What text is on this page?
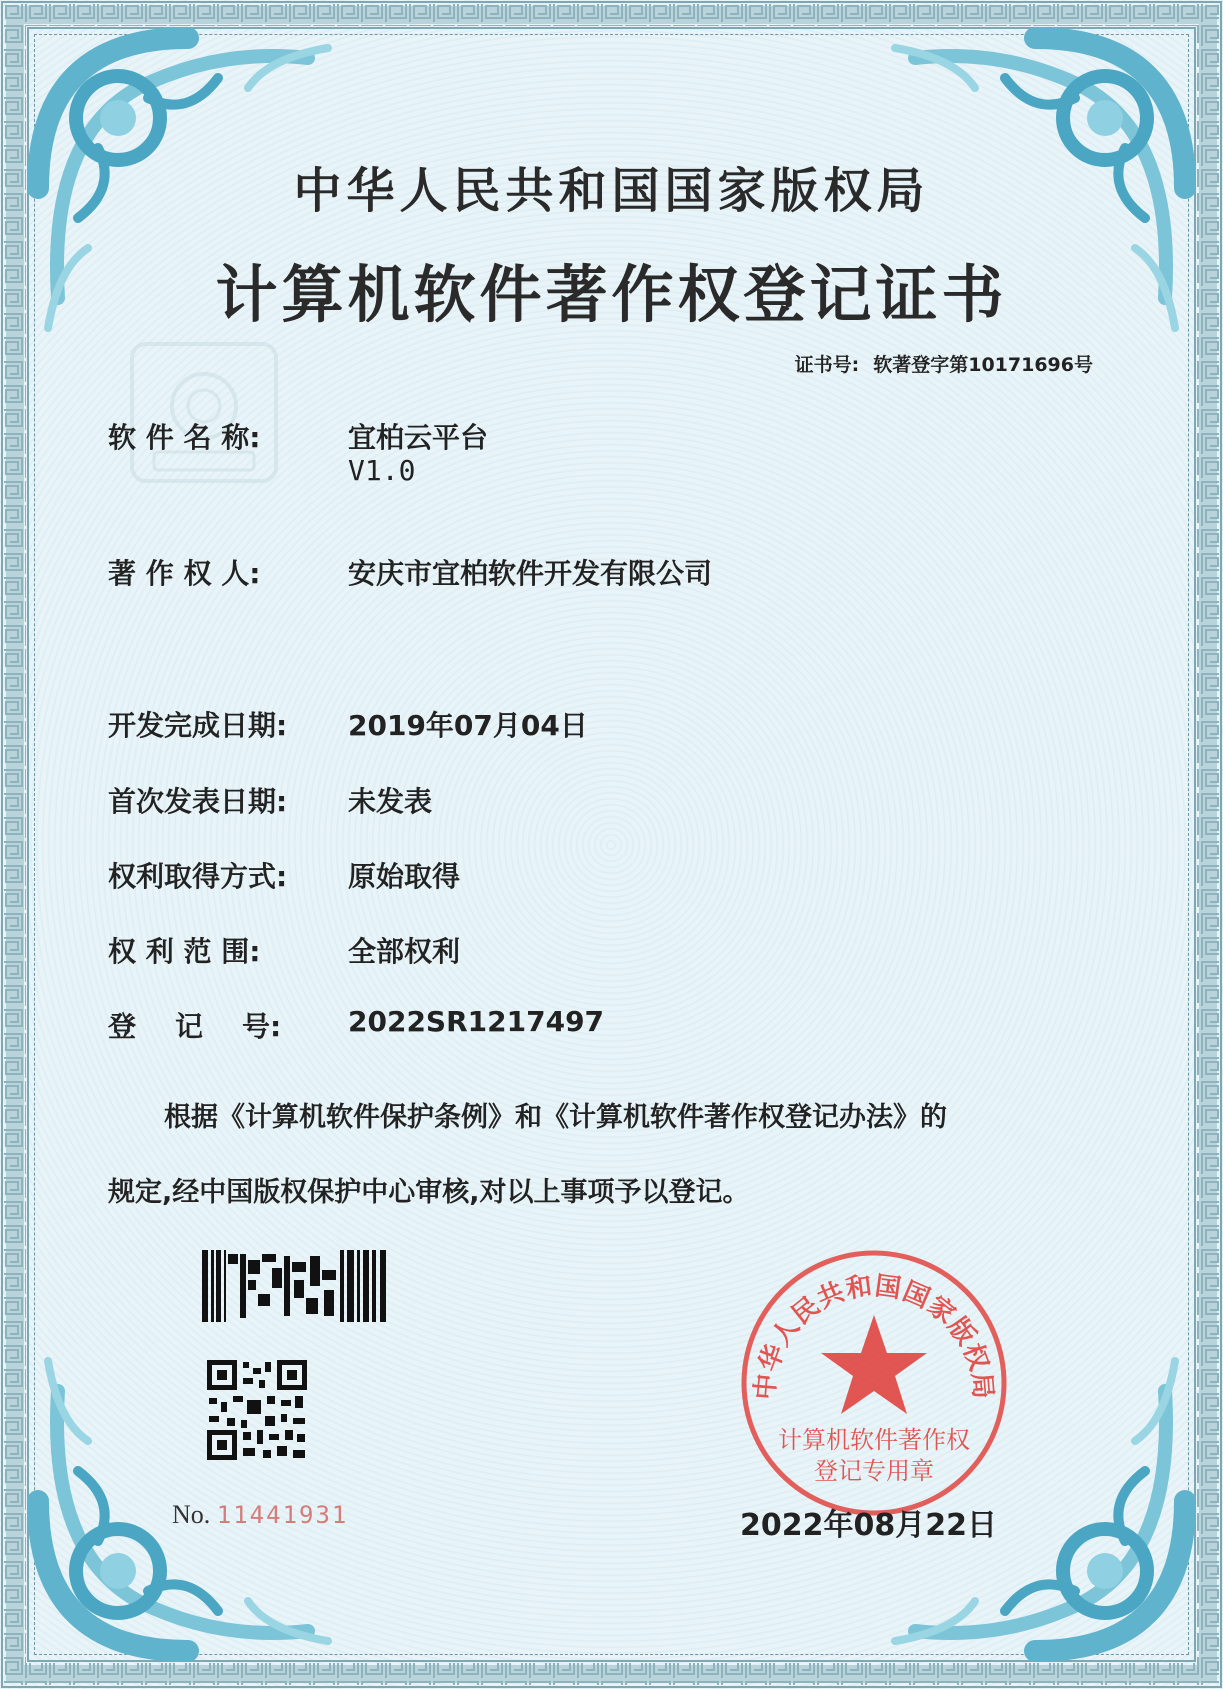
中华人民共和国国家版权局
计算机软件著作权登记证书
证书号: 软著登字第10171696号
软 件 名 称:	宜柏云平台
V1.0
著 作 权 人:	安庆市宜柏软件开发有限公司
开发完成日期: 2019年07月04日
首次发表日期: 未发表
权利取得方式: 原始取得
权 利 范 围:	全部权利
登    记    号: 2022SR1217497
根据《计算机软件保护条例》和《计算机软件著作权登记办法》的
规定,经中国版权保护中心审核,对以上事项予以登记。
No. 11441931
中华人民共和国国家版权局
计算机软件著作权
登记专用章
2022年08月22日
